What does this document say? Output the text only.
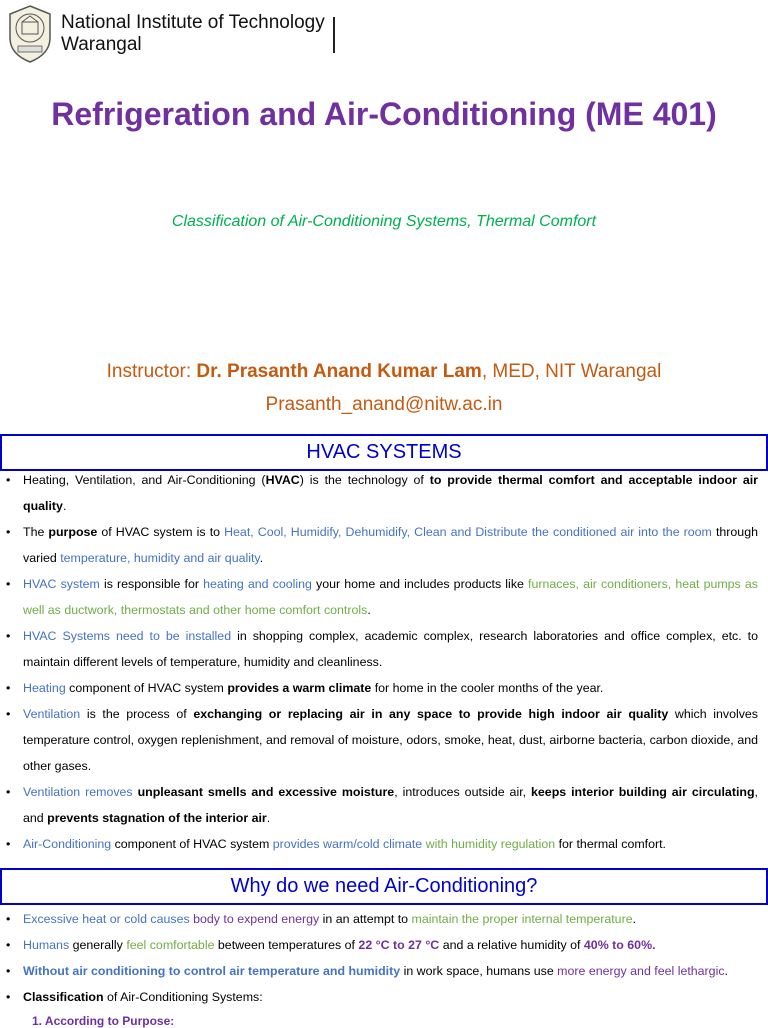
National Institute of Technology
Warangal
Refrigeration and Air-Conditioning (ME 401)
Classification of Air-Conditioning Systems, Thermal Comfort
Instructor: Dr. Prasanth Anand Kumar Lam, MED, NIT Warangal
Prasanth_anand@nitw.ac.in
HVAC SYSTEMS
• Heating, Ventilation, and Air-Conditioning (HVAC) is the technology of to provide thermal comfort and acceptable indoor air quality.
• The purpose of HVAC system is to Heat, Cool, Humidify, Dehumidify, Clean and Distribute the conditioned air into the room through varied temperature, humidity and air quality.
• HVAC system is responsible for heating and cooling your home and includes products like furnaces, air conditioners, heat pumps as well as ductwork, thermostats and other home comfort controls.
• HVAC Systems need to be installed in shopping complex, academic complex, research laboratories and office complex, etc. to maintain different levels of temperature, humidity and cleanliness.
• Heating component of HVAC system provides a warm climate for home in the cooler months of the year.
• Ventilation is the process of exchanging or replacing air in any space to provide high indoor air quality which involves temperature control, oxygen replenishment, and removal of moisture, odors, smoke, heat, dust, airborne bacteria, carbon dioxide, and other gases.
• Ventilation removes unpleasant smells and excessive moisture, introduces outside air, keeps interior building air circulating, and prevents stagnation of the interior air.
• Air-Conditioning component of HVAC system provides warm/cold climate with humidity regulation for thermal comfort.
Why do we need Air-Conditioning?
• Excessive heat or cold causes body to expend energy in an attempt to maintain the proper internal temperature.
• Humans generally feel comfortable between temperatures of 22 °C to 27 °C and a relative humidity of 40% to 60%.
• Without air conditioning to control air temperature and humidity in work space, humans use more energy and feel lethargic.
• Classification of Air-Conditioning Systems:
1. According to Purpose:
